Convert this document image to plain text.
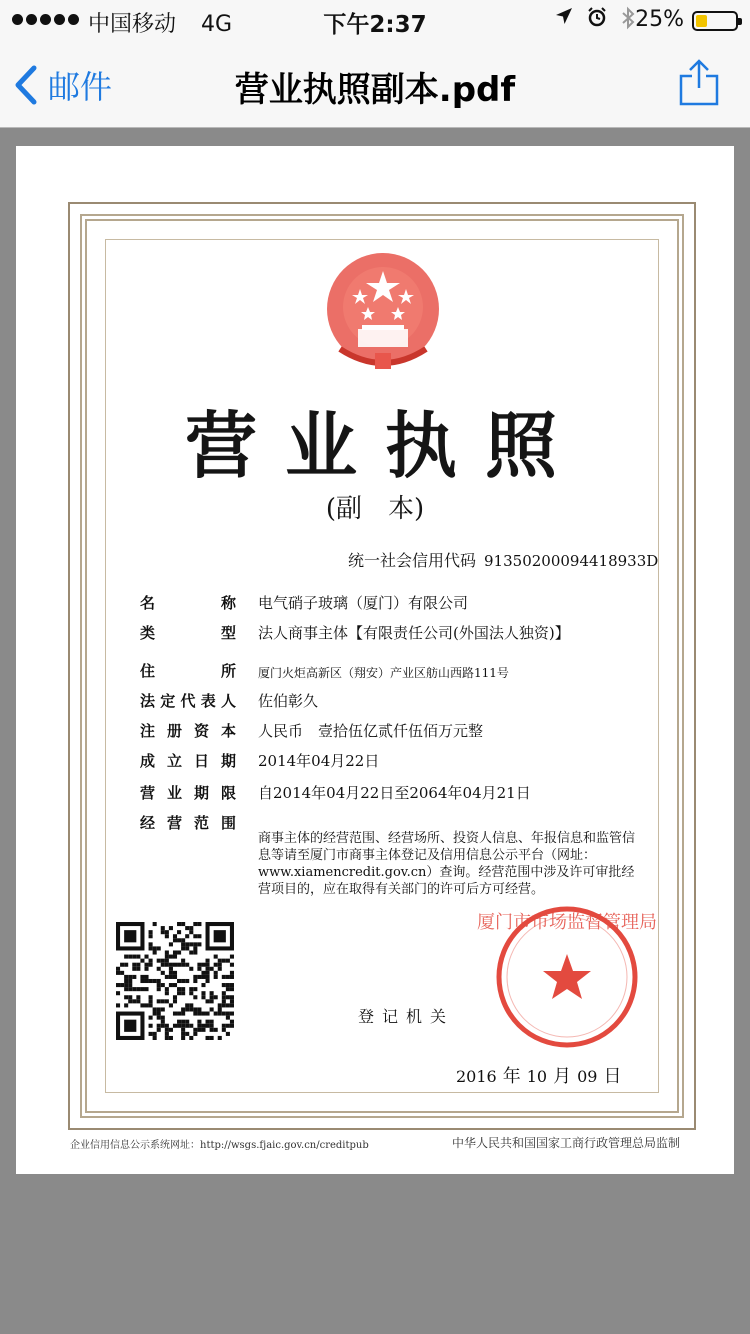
中国移动 4G	下午2:37	25%
邮件	营业执照副本.pdf
营业执照
(副　本)
统一社会信用代码 91350200094418933D
名	称 电气硝子玻璃（厦门）有限公司
类	型 法人商事主体【有限责任公司(外国法人独资)】
住	所 厦门火炬高新区（翔安）产业区舫山西路111号
法 定 代 表 人 佐伯彰久
注 册 资 本 人民币　壹拾伍亿贰仟伍佰万元整
成 立 日 期 2014年04月22日
营 业 期 限 自2014年04月22日至2064年04月21日
经 营 范 围
商事主体的经营范围、经营场所、投资人信息、年报信息和监管信息等请至厦门市商事主体登记及信用信息公示平台（网址：www.xiamencredit.gov.cn）查询。经营范围中涉及许可审批经营项目的，应在取得有关部门的许可后方可经营。
登记机关
厦门市市场监督管理局
2016 年 10 月 09 日
企业信用信息公示系统网址：http://wsgs.fjaic.gov.cn/creditpub	中华人民共和国国家工商行政管理总局监制
